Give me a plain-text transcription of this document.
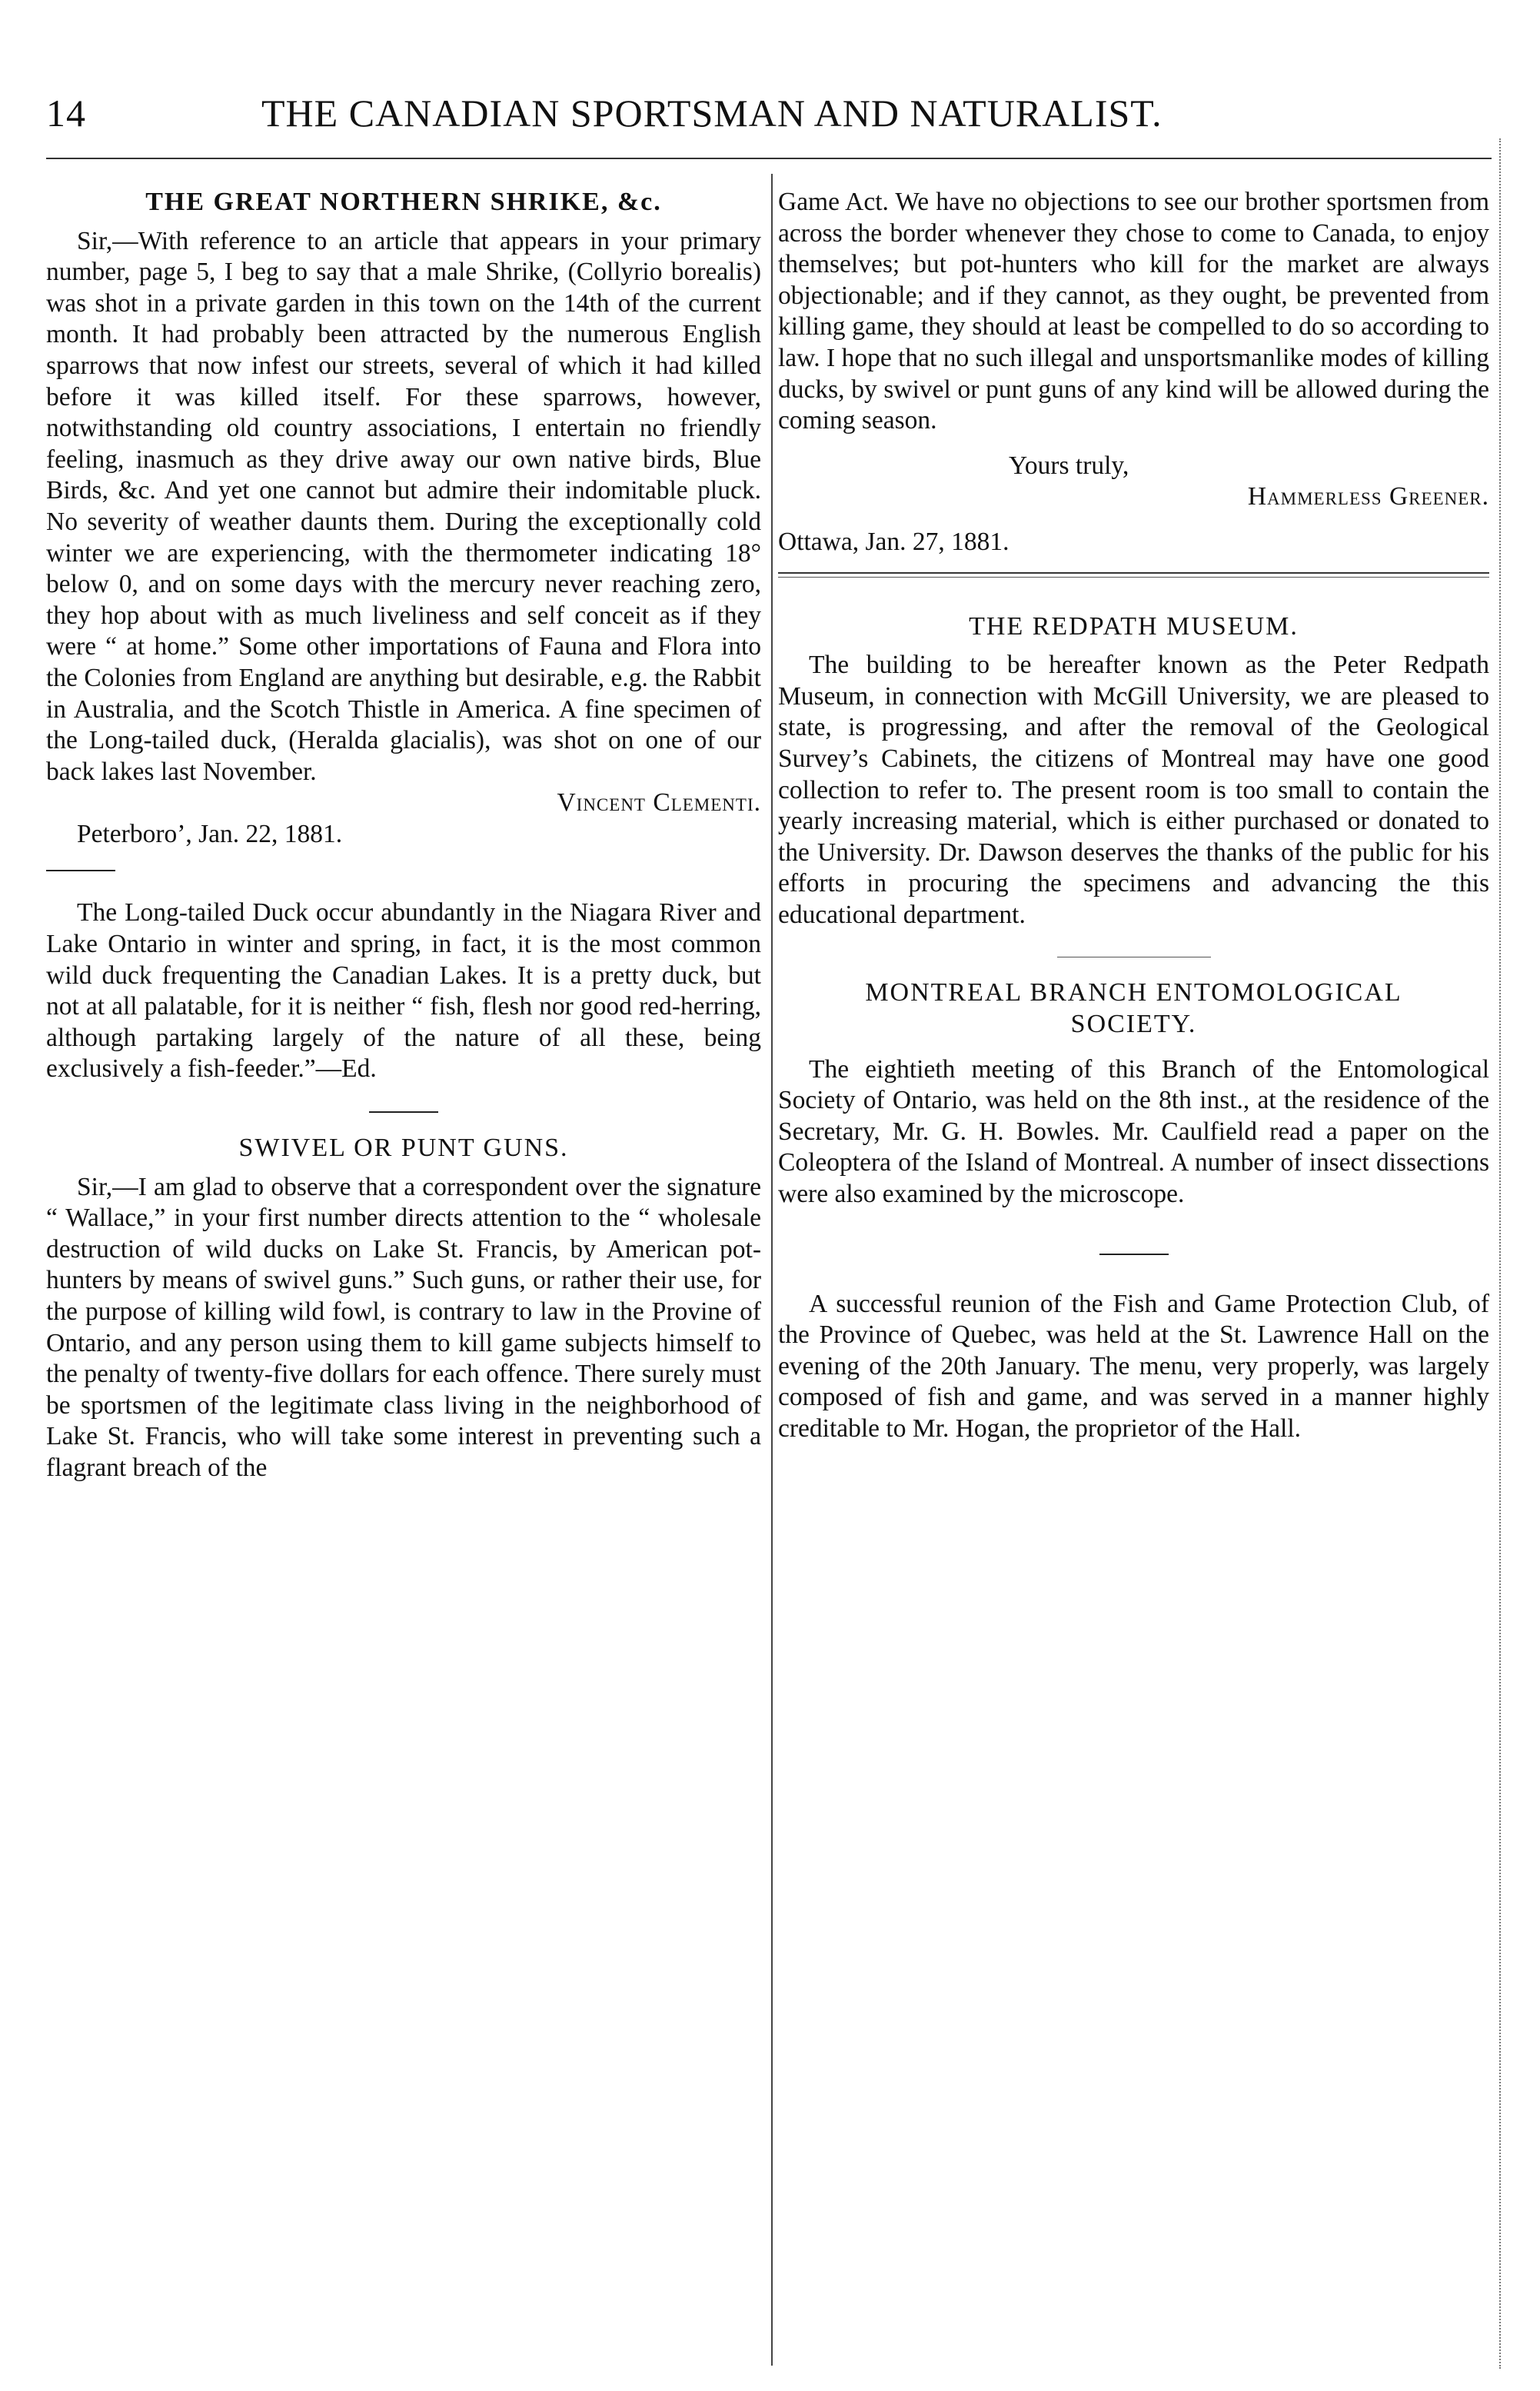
14	THE CANADIAN SPORTSMAN AND NATURALIST.
THE GREAT NORTHERN SHRIKE, &c.

Sir,—With reference to an article that appears in your primary number, page 5, I beg to say that a male Shrike, (Collyrio borealis) was shot in a private garden in this town on the 14th of the current month. It had probably been attracted by the numerous English sparrows that now infest our streets, several of which it had killed before it was killed itself. For these sparrows, however, notwithstanding old country associations, I entertain no friendly feeling, inasmuch as they drive away our own native birds, Blue Birds, &c. And yet one cannot but admire their indomitable pluck. No severity of weather daunts them. During the exceptionally cold winter we are experiencing, with the thermometer indicating 18° below 0, and on some days with the mercury never reaching zero, they hop about with as much liveliness and self conceit as if they were “ at home.” Some other importations of Fauna and Flora into the Colonies from England are anything but desirable, e.g. the Rabbit in Australia, and the Scotch Thistle in America. A fine specimen of the Long-tailed duck, (Heralda glacialis), was shot on one of our back lakes last November.

Vincent Clementi.
Peterboro’, Jan. 22, 1881.

The Long-tailed Duck occur abundantly in the Niagara River and Lake Ontario in winter and spring, in fact, it is the most common wild duck frequenting the Canadian Lakes. It is a pretty duck, but not at all palatable, for it is neither “ fish, flesh nor good red-herring, although partaking largely of the nature of all these, being exclusively a fish-feeder.”—Ed.

SWIVEL OR PUNT GUNS.

Sir,—I am glad to observe that a correspondent over the signature “ Wallace,” in your first number directs attention to the “ wholesale destruction of wild ducks on Lake St. Francis, by American pot-hunters by means of swivel guns.” Such guns, or rather their use, for the purpose of killing wild fowl, is contrary to law in the Provine of Ontario, and any person using them to kill game subjects himself to the penalty of twenty-five dollars for each offence. There surely must be sportsmen of the legitimate class living in the neighborhood of Lake St. Francis, who will take some interest in preventing such a flagrant breach of the

Game Act. We have no objections to see our brother sportsmen from across the border whenever they chose to come to Canada, to enjoy themselves; but pot-hunters who kill for the market are always objectionable; and if they cannot, as they ought, be prevented from killing game, they should at least be compelled to do so according to law. I hope that no such illegal and unsportsmanlike modes of killing ducks, by swivel or punt guns of any kind will be allowed during the coming season.

Yours truly,
Hammerless Greener.
Ottawa, Jan. 27, 1881.
THE REDPATH MUSEUM.

The building to be hereafter known as the Peter Redpath Museum, in connection with McGill University, we are pleased to state, is progressing, and after the removal of the Geological Survey’s Cabinets, the citizens of Montreal may have one good collection to refer to. The present room is too small to contain the yearly increasing material, which is either purchased or donated to the University. Dr. Dawson deserves the thanks of the public for his efforts in procuring the specimens and advancing the this educational department.

MONTREAL BRANCH ENTOMOLOGICAL
SOCIETY.

The eightieth meeting of this Branch of the Entomological Society of Ontario, was held on the 8th inst., at the residence of the Secretary, Mr. G. H. Bowles. Mr. Caulfield read a paper on the Coleoptera of the Island of Montreal. A number of insect dissections were also examined by the microscope.

A successful reunion of the Fish and Game Protection Club, of the Province of Quebec, was held at the St. Lawrence Hall on the evening of the 20th January. The menu, very properly, was largely composed of fish and game, and was served in a manner highly creditable to Mr. Hogan, the proprietor of the Hall.
